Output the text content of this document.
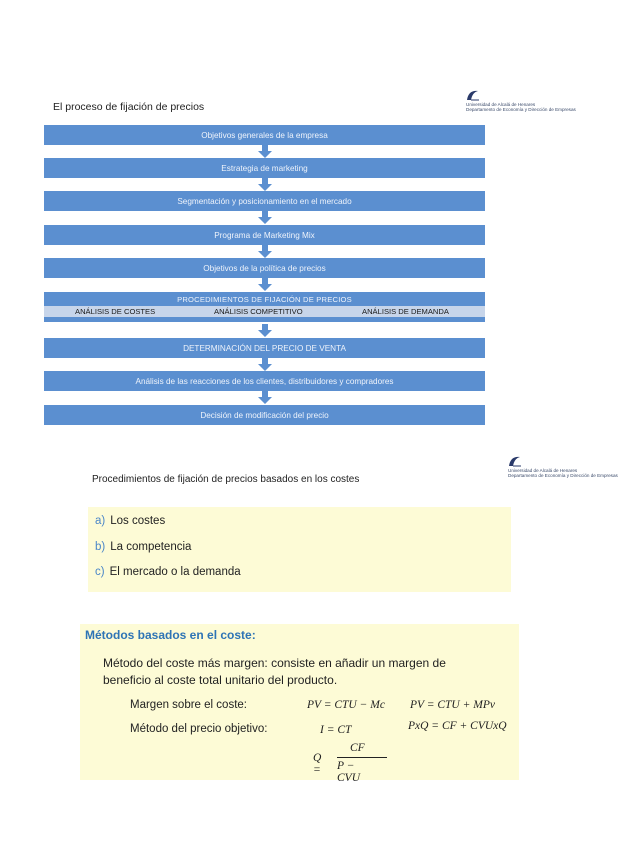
El proceso de fijación de precios	Universidad de Alcalá de Henares
Departamento de Economía y Dirección de Empresas
Objetivos generales de la empresa
Estrategia de marketing
Segmentación y posicionamiento en el mercado
Programa de Marketing Mix
Objetivos de la política de precios
PROCEDIMIENTOS DE FIJACIÓN DE PRECIOS
ANÁLISIS DE COSTES	ANÁLISIS COMPETITIVO	ANÁLISIS DE DEMANDA
DETERMINACIÓN DEL PRECIO DE VENTA
Análisis de las reacciones de los clientes, distribuidores y compradores
Decisión de modificación del precio
Procedimientos de fijación de precios basados en los costes
Universidad de Alcalá de Henares
Departamento de Economía y Dirección de Empresas
a) Los costes
b) La competencia
c) El mercado o la demanda
Métodos basados en el coste:
Método del coste más margen: consiste en añadir un margen de
beneficio al coste total unitario del producto.
Margen sobre el coste:	PV = CTU − Mc PV = CTU + MPv
Método del precio objetivo:	I = CT	PxQ = CF + CVUxQ
CF
Q = P − CVU
